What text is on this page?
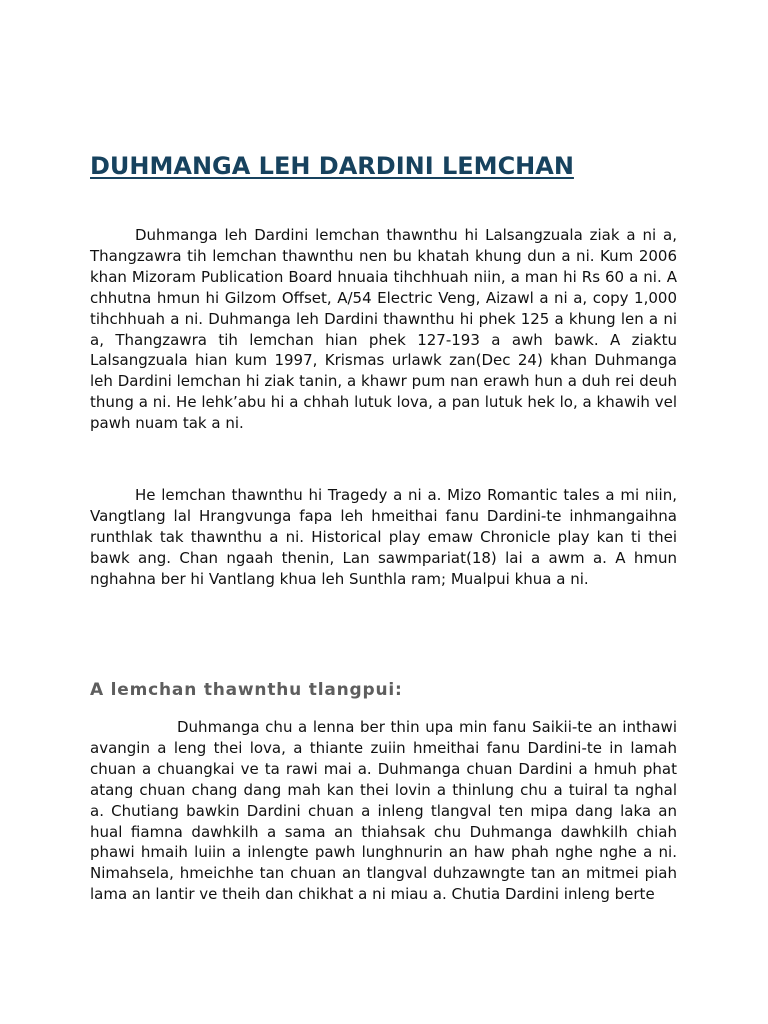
DUHMANGA LEH DARDINI LEMCHAN

Duhmanga leh Dardini lemchan thawnthu hi Lalsangzuala ziak a ni a, Thangzawra tih lemchan thawnthu nen bu khatah khung dun a ni. Kum 2006 khan Mizoram Publication Board hnuaia tihchhuah niin, a man hi Rs 60 a ni. A chhutna hmun hi Gilzom Offset, A/54 Electric Veng, Aizawl a ni a, copy 1,000 tihchhuah a ni. Duhmanga leh Dardini thawnthu hi phek 125 a khung len a ni a, Thangzawra tih lemchan hian phek 127-193 a awh bawk. A ziaktu Lalsangzuala hian kum 1997, Krismas urlawk zan(Dec 24) khan Duhmanga leh Dardini lemchan hi ziak tanin, a khawr pum nan erawh hun a duh rei deuh thung a ni. He lehk’abu hi a chhah lutuk lova, a pan lutuk hek lo, a khawih vel pawh nuam tak a ni.

He lemchan thawnthu hi Tragedy a ni a. Mizo Romantic tales a mi niin, Vangtlang lal Hrangvunga fapa leh hmeithai fanu Dardini-te inhmangaihna runthlak tak thawnthu a ni. Historical play emaw Chronicle play kan ti thei bawk ang. Chan ngaah thenin, Lan sawmpariat(18) lai a awm a. A hmun nghahna ber hi Vantlang khua leh Sunthla ram; Mualpui khua a ni.

A lemchan thawnthu tlangpui:

Duhmanga chu a lenna ber thin upa min fanu Saikii-te an inthawi avangin a leng thei lova, a thiante zuiin hmeithai fanu Dardini-te in lamah chuan a chuangkai ve ta rawi mai a. Duhmanga chuan Dardini a hmuh phat atang chuan chang dang mah kan thei lovin a thinlung chu a tuiral ta nghal a. Chutiang bawkin Dardini chuan a inleng tlangval ten mipa dang laka an hual fiamna dawhkilh a sama an thiahsak chu Duhmanga dawhkilh chiah phawi hmaih luiin a inlengte pawh lunghnurin an haw phah nghe nghe a ni. Nimahsela, hmeichhe tan chuan an tlangval duhzawngte tan an mitmei piah lama an lantir ve theih dan chikhat a ni miau a. Chutia Dardini inleng berte
